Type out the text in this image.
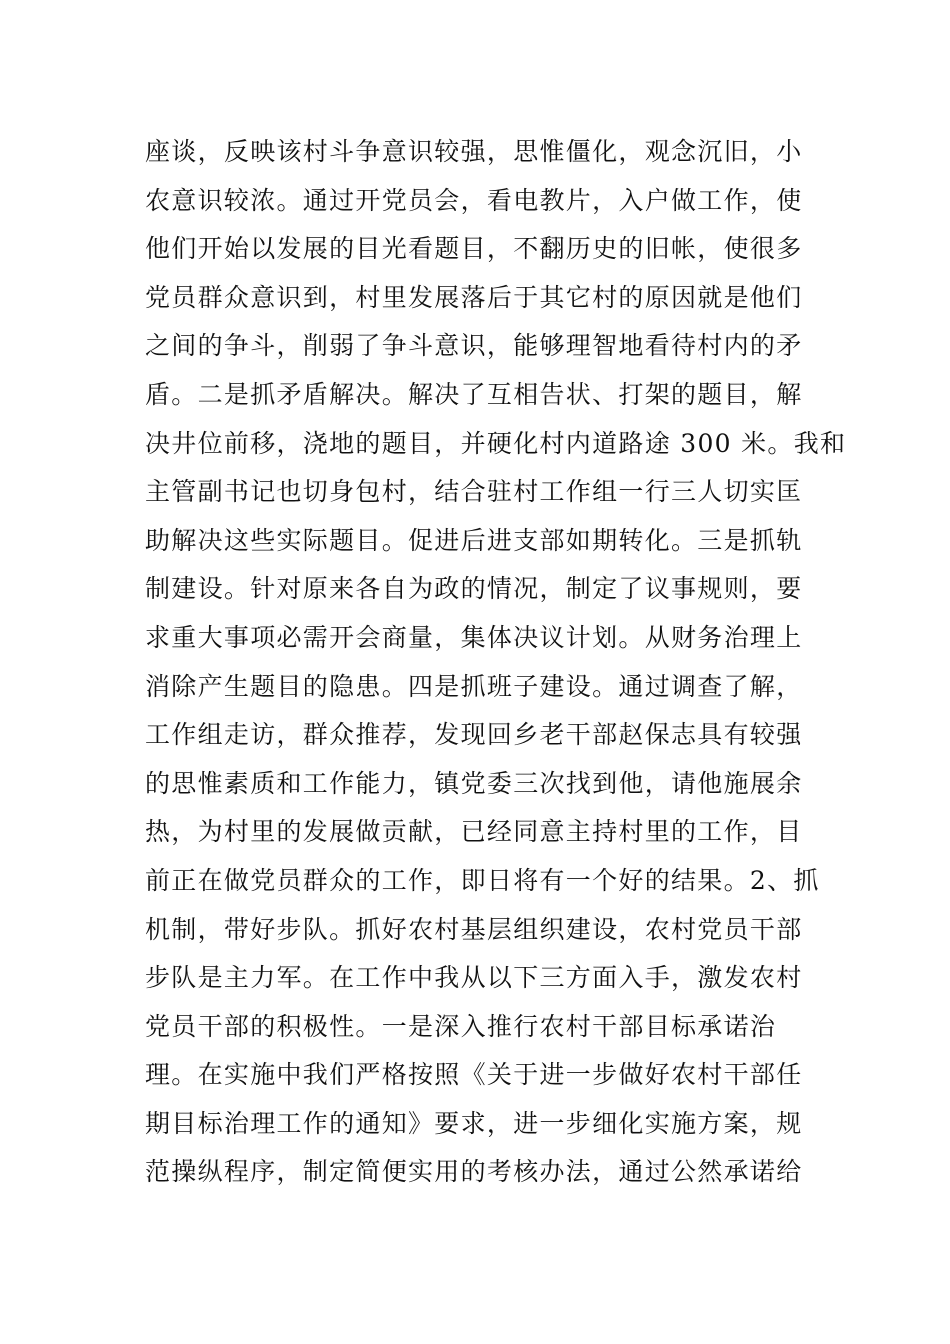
座谈，反映该村斗争意识较强，思惟僵化，观念沉旧，小
农意识较浓。通过开党员会，看电教片，入户做工作，使
他们开始以发展的目光看题目，不翻历史的旧帐，使很多
党员群众意识到，村里发展落后于其它村的原因就是他们
之间的争斗，削弱了争斗意识，能够理智地看待村内的矛
盾。二是抓矛盾解决。解决了互相告状、打架的题目，解
决井位前移，浇地的题目，并硬化村内道路途 300 米。我和
主管副书记也切身包村，结合驻村工作组一行三人切实匡
助解决这些实际题目。促进后进支部如期转化。三是抓轨
制建设。针对原来各自为政的情况，制定了议事规则，要
求重大事项必需开会商量，集体决议计划。从财务治理上
消除产生题目的隐患。四是抓班子建设。通过调查了解，
工作组走访，群众推荐，发现回乡老干部赵保志具有较强
的思惟素质和工作能力，镇党委三次找到他，请他施展余
热，为村里的发展做贡献，已经同意主持村里的工作，目
前正在做党员群众的工作，即日将有一个好的结果。2、抓
机制，带好步队。抓好农村基层组织建设，农村党员干部
步队是主力军。在工作中我从以下三方面入手，激发农村
党员干部的积极性。一是深入推行农村干部目标承诺治
理。在实施中我们严格按照《关于进一步做好农村干部任
期目标治理工作的通知》要求，进一步细化实施方案，规
范操纵程序，制定简便实用的考核办法，通过公然承诺给
